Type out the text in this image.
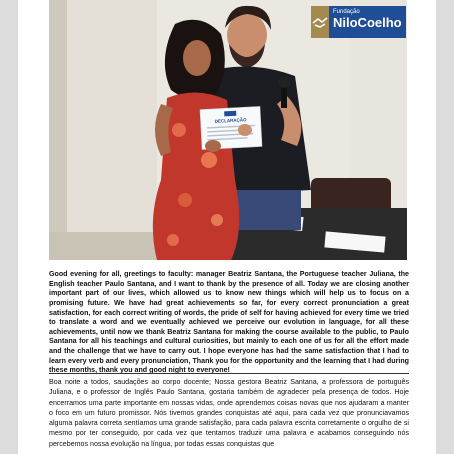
DECLARAÇÃO
Fundação
NiloCoelho

Good evening for all, greetings to faculty: manager Beatriz Santana, the Portuguese teacher Juliana, the English teacher Paulo Santana, and I want to thank by the presence of all. Today we are closing another important part of our lives, which allowed us to know new things which will help us to focus on a promising future. We have had great achievements so far, for every correct pronunciation a great satisfaction, for each correct writing of words, the pride of self for having achieved for every time we tried to translate a word and we eventually achieved we perceive our evolution in language, for all these achievements, until now we thank Beatriz Santana for making the course available to the public, to Paulo Santana for all his teachings and cultural curiosities, but mainly to each one of us for all the effort made and the challenge that we have to carry out. I hope everyone has had the same satisfaction that I had to learn every verb and every pronunciation, Thank you for the opportunity and the learning that I had during these months, thank you and good night to everyone!

Boa noite a todos, saudações ao corpo docente; Nossa gestora Beatriz Santana, a professora de português Juliana, e o professor de Inglês Paulo Santana, gostaria também de agradecer pela presença de todos. Hoje encerramos uma parte importante em nossas vidas, onde aprendemos coisas novas que nos ajudaram a manter o foco em um futuro promissor. Nós tivemos grandes conquistas até aqui, para cada vez que pronunciavamos alguma palavra correta sentíamos uma grande satisfação, para cada palavra escrita corretamente o orgulho de si mesmo por ter conseguido, por cada vez que tentamos traduzir uma palavra e acabamos conseguindo nós percebemos nossa evolução na língua, por todas essas conquistas que
